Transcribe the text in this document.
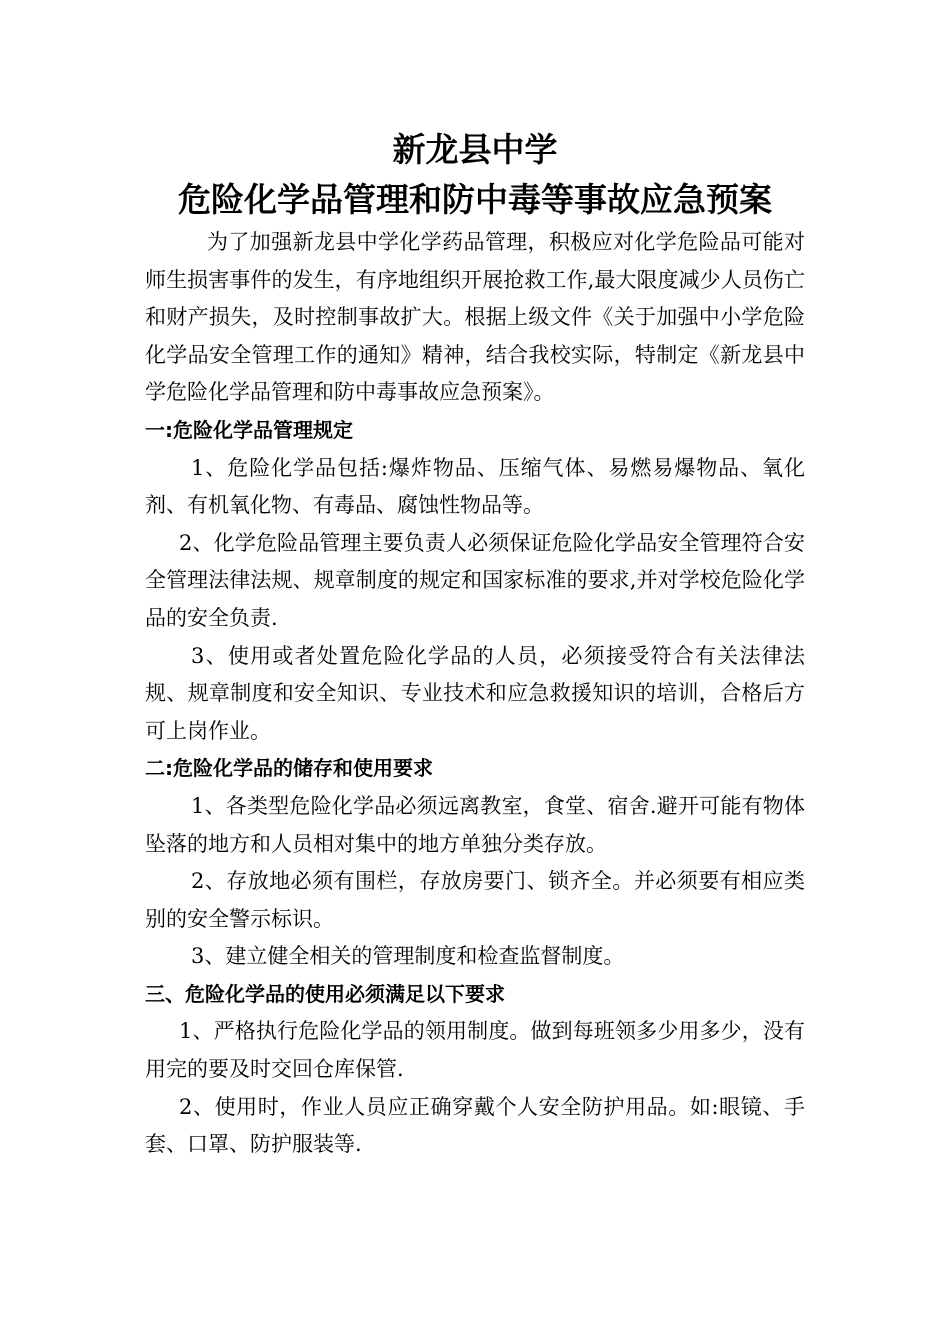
新龙县中学
危险化学品管理和防中毒等事故应急预案

为了加强新龙县中学化学药品管理，积极应对化学危险品可能对师生损害事件的发生，有序地组织开展抢救工作,最大限度减少人员伤亡和财产损失，及时控制事故扩大。根据上级文件《关于加强中小学危险化学品安全管理工作的通知》精神，结合我校实际，特制定《新龙县中学危险化学品管理和防中毒事故应急预案》。

一:危险化学品管理规定

1、危险化学品包括:爆炸物品、压缩气体、易燃易爆物品、氧化剂、有机氧化物、有毒品、腐蚀性物品等。

2、化学危险品管理主要负责人必须保证危险化学品安全管理符合安全管理法律法规、规章制度的规定和国家标准的要求,并对学校危险化学品的安全负责.

3、使用或者处置危险化学品的人员，必须接受符合有关法律法规、规章制度和安全知识、专业技术和应急救援知识的培训，合格后方可上岗作业。

二:危险化学品的储存和使用要求

1、各类型危险化学品必须远离教室，食堂、宿舍.避开可能有物体坠落的地方和人员相对集中的地方单独分类存放。

2、存放地必须有围栏，存放房要门、锁齐全。并必须要有相应类别的安全警示标识。

3、建立健全相关的管理制度和检查监督制度。

三、危险化学品的使用必须满足以下要求

1、严格执行危险化学品的领用制度。做到每班领多少用多少，没有用完的要及时交回仓库保管.

2、使用时，作业人员应正确穿戴个人安全防护用品。如:眼镜、手套、口罩、防护服装等.
